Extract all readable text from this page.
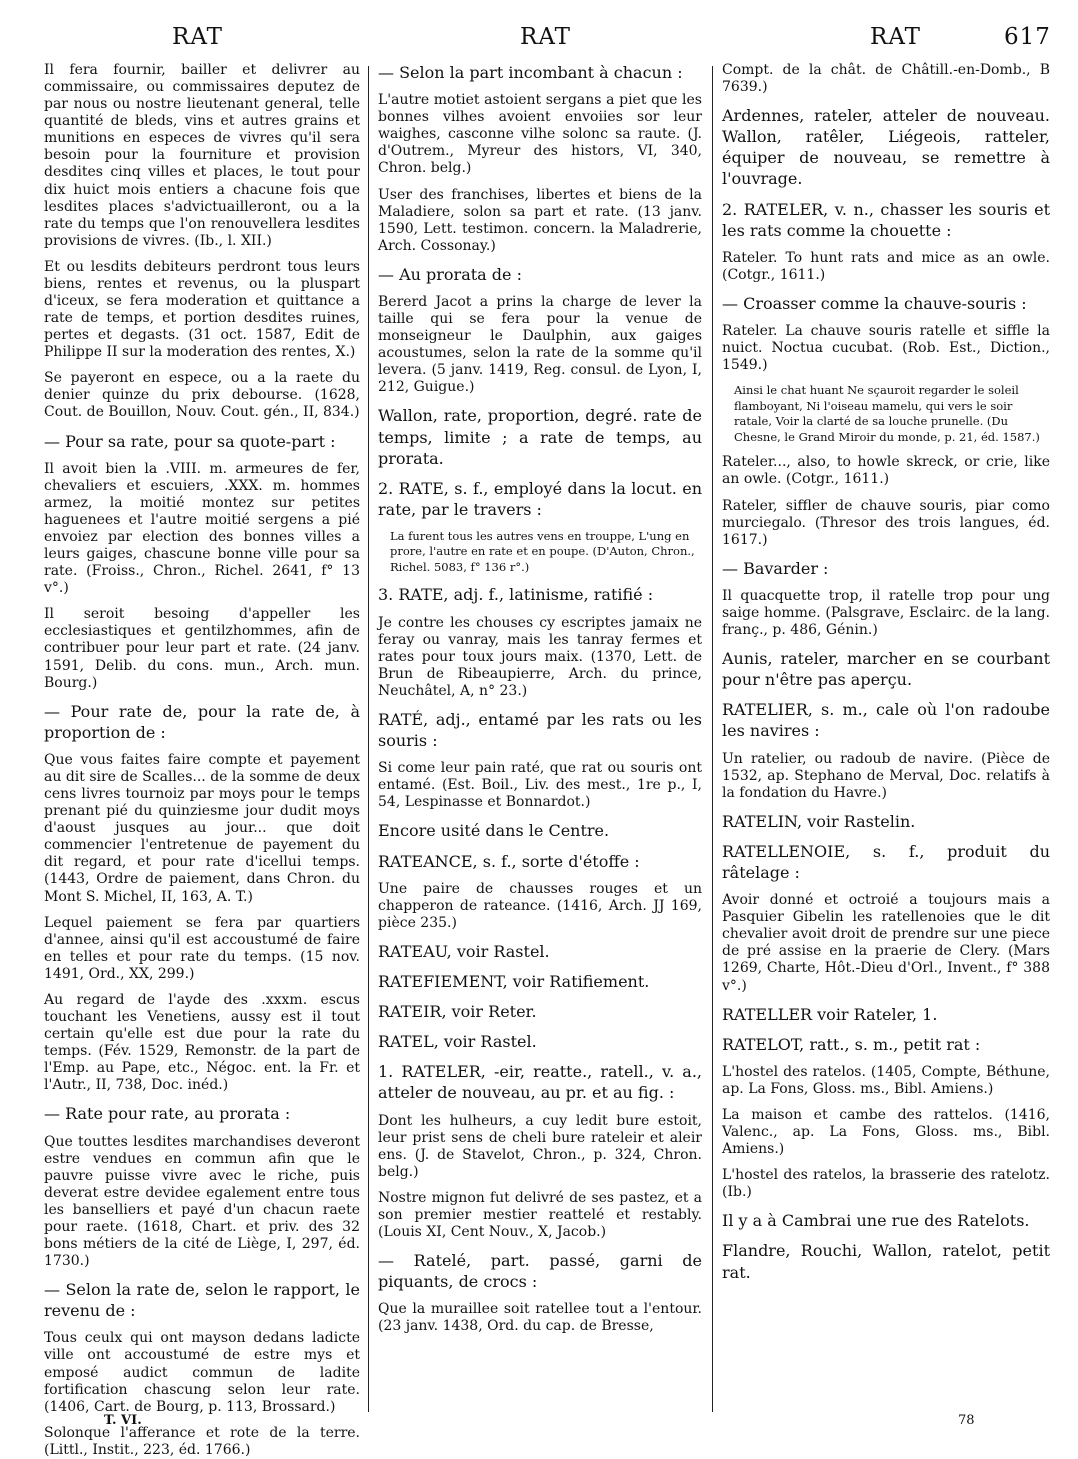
RAT	RAT	RAT	617

Il fera fournir, bailler et delivrer au commissaire, ou commissaires deputez de par nous ou nostre lieutenant general, telle quantité de bleds, vins et autres grains et munitions en especes de vivres qu'il sera besoin pour la fourniture et provision desdites cinq villes et places, le tout pour dix huict mois entiers a chacune fois que lesdites places s'advictuailleront, ou a la rate du temps que l'on renouvellera lesdites provisions de vivres. (Ib., l. XII.)

Et ou lesdits debiteurs perdront tous leurs biens, rentes et revenus, ou la pluspart d'iceux, se fera moderation et quittance a rate de temps, et portion desdites ruines, pertes et degasts. (31 oct. 1587, Edit de Philippe II sur la moderation des rentes, X.)

Se payeront en espece, ou a la raete du denier quinze du prix debourse. (1628, Cout. de Bouillon, Nouv. Cout. gén., II, 834.)

— Pour sa rate, pour sa quote-part :

Il avoit bien la .VIII. m. armeures de fer, chevaliers et escuiers, .XXX. m. hommes armez, la moitié montez sur petites haguenees et l'autre moitié sergens a pié envoiez par election des bonnes villes a leurs gaiges, chascune bonne ville pour sa rate. (Froiss., Chron., Richel. 2641, f° 13 v°.)

Il seroit besoing d'appeller les ecclesiastiques et gentilzhommes, afin de contribuer pour leur part et rate. (24 janv. 1591, Delib. du cons. mun., Arch. mun. Bourg.)

— Pour rate de, pour la rate de, à proportion de :

Que vous faites faire compte et payement au dit sire de Scalles... de la somme de deux cens livres tournoiz par moys pour le temps prenant pié du quinziesme jour dudit moys d'aoust jusques au jour... que doit commencier l'entretenue de payement du dit regard, et pour rate d'icellui temps. (1443, Ordre de paiement, dans Chron. du Mont S. Michel, II, 163, A. T.)

Lequel paiement se fera par quartiers d'annee, ainsi qu'il est accoustumé de faire en telles et pour rate du temps. (15 nov. 1491, Ord., XX, 299.)

Au regard de l'ayde des .xxxm. escus touchant les Venetiens, aussy est il tout certain qu'elle est due pour la rate du temps. (Fév. 1529, Remonstr. de la part de l'Emp. au Pape, etc., Négoc. ent. la Fr. et l'Autr., II, 738, Doc. inéd.)

— Rate pour rate, au prorata :

Que touttes lesdites marchandises deveront estre vendues en commun afin que le pauvre puisse vivre avec le riche, puis deverat estre devidee egalement entre tous les banselliers et payé d'un chacun raete pour raete. (1618, Chart. et priv. des 32 bons métiers de la cité de Liège, I, 297, éd. 1730.)

— Selon la rate de, selon le rapport, le revenu de :

Tous ceulx qui ont mayson dedans ladicte ville ont accoustumé de estre mys et emposé audict commun de ladite fortification chascung selon leur rate. (1406, Cart. de Bourg, p. 113, Brossard.)

Solonque l'afferance et rote de la terre. (Littl., Instit., 223, éd. 1766.)

— Selon la part incombant à chacun :

L'autre motiet astoient sergans a piet que les bonnes vilhes avoient envoiies sor leur waighes, casconne vilhe solonc sa raute. (J. d'Outrem., Myreur des histors, VI, 340, Chron. belg.)

User des franchises, libertes et biens de la Maladiere, solon sa part et rate. (13 janv. 1590, Lett. testimon. concern. la Maladrerie, Arch. Cossonay.)

— Au prorata de :

Bererd Jacot a prins la charge de lever la taille qui se fera pour la venue de monseigneur le Daulphin, aux gaiges acoustumes, selon la rate de la somme qu'il levera. (5 janv. 1419, Reg. consul. de Lyon, I, 212, Guigue.)

Wallon, rate, proportion, degré. rate de temps, limite ; a rate de temps, au prorata.

2. RATE, s. f., employé dans la locut. en rate, par le travers :

La furent tous les autres vens en trouppe, L'ung en prore, l'autre en rate et en poupe. (D'Auton, Chron., Richel. 5083, f° 136 r°.)

3. RATE, adj. f., latinisme, ratifié :

Je contre les chouses cy escriptes jamaix ne feray ou vanray, mais les tanray fermes et rates pour toux jours maix. (1370, Lett. de Brun de Ribeaupierre, Arch. du prince, Neuchâtel, A, n° 23.)

RATÉ, adj., entamé par les rats ou les souris :

Si come leur pain raté, que rat ou souris ont entamé. (Est. Boil., Liv. des mest., 1re p., I, 54, Lespinasse et Bonnardot.)

Encore usité dans le Centre.

RATEANCE, s. f., sorte d'étoffe :

Une paire de chausses rouges et un chapperon de rateance. (1416, Arch. JJ 169, pièce 235.)

RATEAU, voir Rastel.

RATEFIEMENT, voir Ratifiement.

RATEIR, voir Reter.

RATEL, voir Rastel.

1. RATELER, -eir, reatte., ratell., v. a., atteler de nouveau, au pr. et au fig. :

Dont les hulheurs, a cuy ledit bure estoit, leur prist sens de cheli bure rateleir et aleir ens. (J. de Stavelot, Chron., p. 324, Chron. belg.)

Nostre mignon fut delivré de ses pastez, et a son premier mestier reattelé et restably. (Louis XI, Cent Nouv., X, Jacob.)

— Ratelé, part. passé, garni de piquants, de crocs :

Que la muraillee soit ratellee tout a l'entour. (23 janv. 1438, Ord. du cap. de Bresse,

Compt. de la chât. de Châtill.-en-Domb., B 7639.)

Ardennes, rateler, atteler de nouveau. Wallon, ratêler, Liégeois, ratteler, équiper de nouveau, se remettre à l'ouvrage.

2. RATELER, v. n., chasser les souris et les rats comme la chouette :

Rateler. To hunt rats and mice as an owle. (Cotgr., 1611.)

— Croasser comme la chauve-souris :

Rateler. La chauve souris ratelle et siffle la nuict. Noctua cucubat. (Rob. Est., Diction., 1549.)

Ainsi le chat huant Ne sçauroit regarder le soleil flamboyant, Ni l'oiseau mamelu, qui vers le soir ratale, Voir la clarté de sa louche prunelle. (Du Chesne, le Grand Miroir du monde, p. 21, éd. 1587.)

Rateler..., also, to howle skreck, or crie, like an owle. (Cotgr., 1611.)

Rateler, siffler de chauve souris, piar como murciegalo. (Thresor des trois langues, éd. 1617.)

— Bavarder :

Il quacquette trop, il ratelle trop pour ung saige homme. (Palsgrave, Esclairc. de la lang. franç., p. 486, Génin.)

Aunis, rateler, marcher en se courbant pour n'être pas aperçu.

RATELIER, s. m., cale où l'on radoube les navires :

Un ratelier, ou radoub de navire. (Pièce de 1532, ap. Stephano de Merval, Doc. relatifs à la fondation du Havre.)

RATELIN, voir Rastelin.

RATELLENOIE, s. f., produit du râtelage :

Avoir donné et octroié a toujours mais a Pasquier Gibelin les ratellenoies que le dit chevalier avoit droit de prendre sur une piece de pré assise en la praerie de Clery. (Mars 1269, Charte, Hôt.-Dieu d'Orl., Invent., f° 388 v°.)

RATELLER voir Rateler, 1.

RATELOT, ratt., s. m., petit rat :

L'hostel des ratelos. (1405, Compte, Béthune, ap. La Fons, Gloss. ms., Bibl. Amiens.)

La maison et cambe des rattelos. (1416, Valenc., ap. La Fons, Gloss. ms., Bibl. Amiens.)

L'hostel des ratelos, la brasserie des ratelotz. (Ib.)

Il y a à Cambrai une rue des Ratelots.

Flandre, Rouchi, Wallon, ratelot, petit rat.

T. VI.	78
